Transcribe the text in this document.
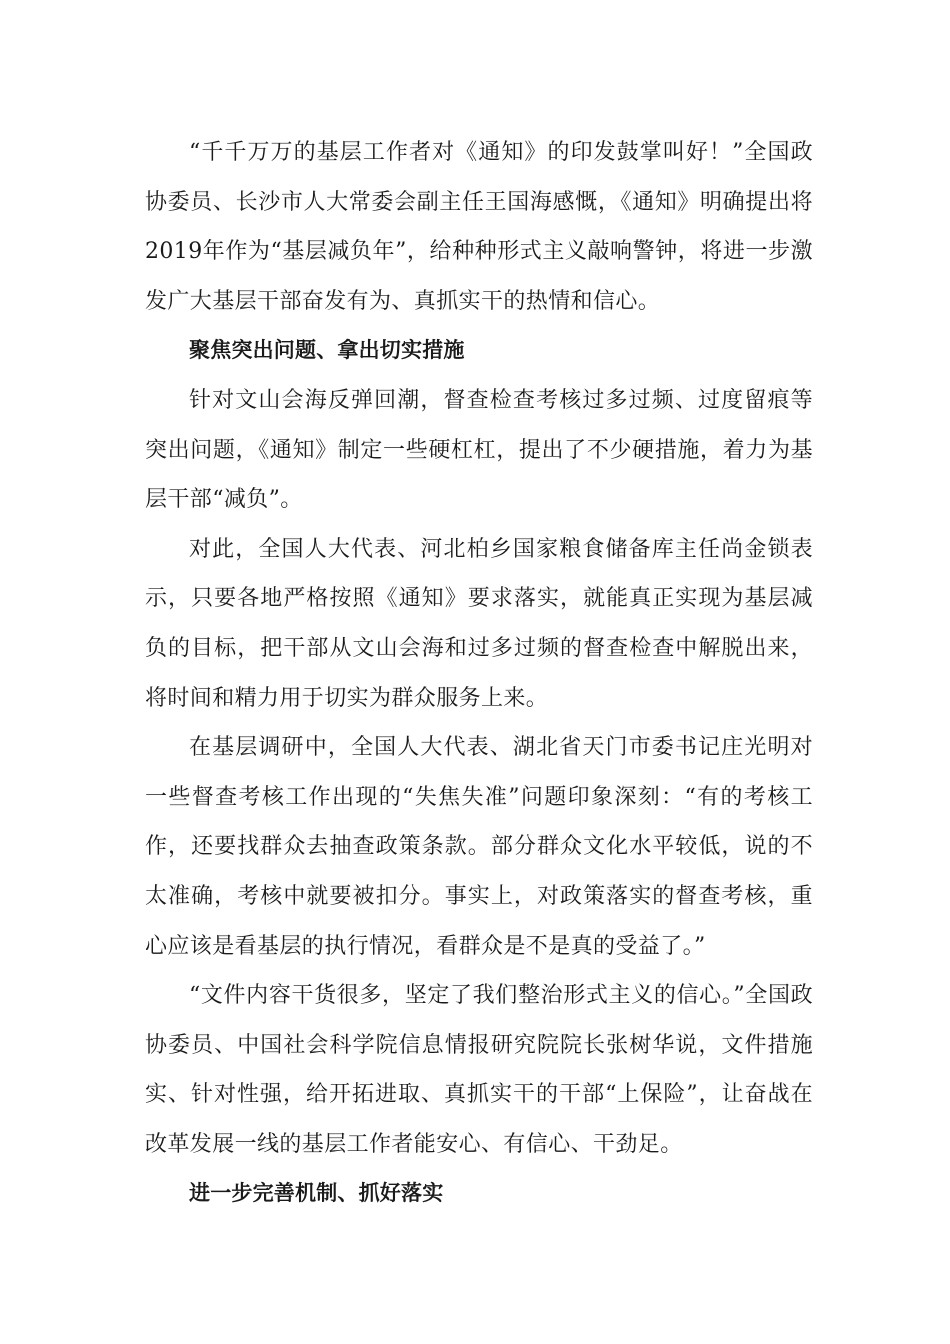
“千千万万的基层工作者对《通知》的印发鼓掌叫好！”全国政协委员、长沙市人大常委会副主任王国海感慨，《通知》明确提出将2019年作为“基层减负年”，给种种形式主义敲响警钟，将进一步激发广大基层干部奋发有为、真抓实干的热情和信心。

聚焦突出问题、拿出切实措施

针对文山会海反弹回潮，督查检查考核过多过频、过度留痕等突出问题，《通知》制定一些硬杠杠，提出了不少硬措施，着力为基层干部“减负”。

对此，全国人大代表、河北柏乡国家粮食储备库主任尚金锁表示，只要各地严格按照《通知》要求落实，就能真正实现为基层减负的目标，把干部从文山会海和过多过频的督查检查中解脱出来，将时间和精力用于切实为群众服务上来。

在基层调研中，全国人大代表、湖北省天门市委书记庄光明对一些督查考核工作出现的“失焦失准”问题印象深刻：“有的考核工作，还要找群众去抽查政策条款。部分群众文化水平较低，说的不太准确，考核中就要被扣分。事实上，对政策落实的督查考核，重心应该是看基层的执行情况，看群众是不是真的受益了。”

“文件内容干货很多，坚定了我们整治形式主义的信心。”全国政协委员、中国社会科学院信息情报研究院院长张树华说，文件措施实、针对性强，给开拓进取、真抓实干的干部“上保险”，让奋战在改革发展一线的基层工作者能安心、有信心、干劲足。

进一步完善机制、抓好落实
